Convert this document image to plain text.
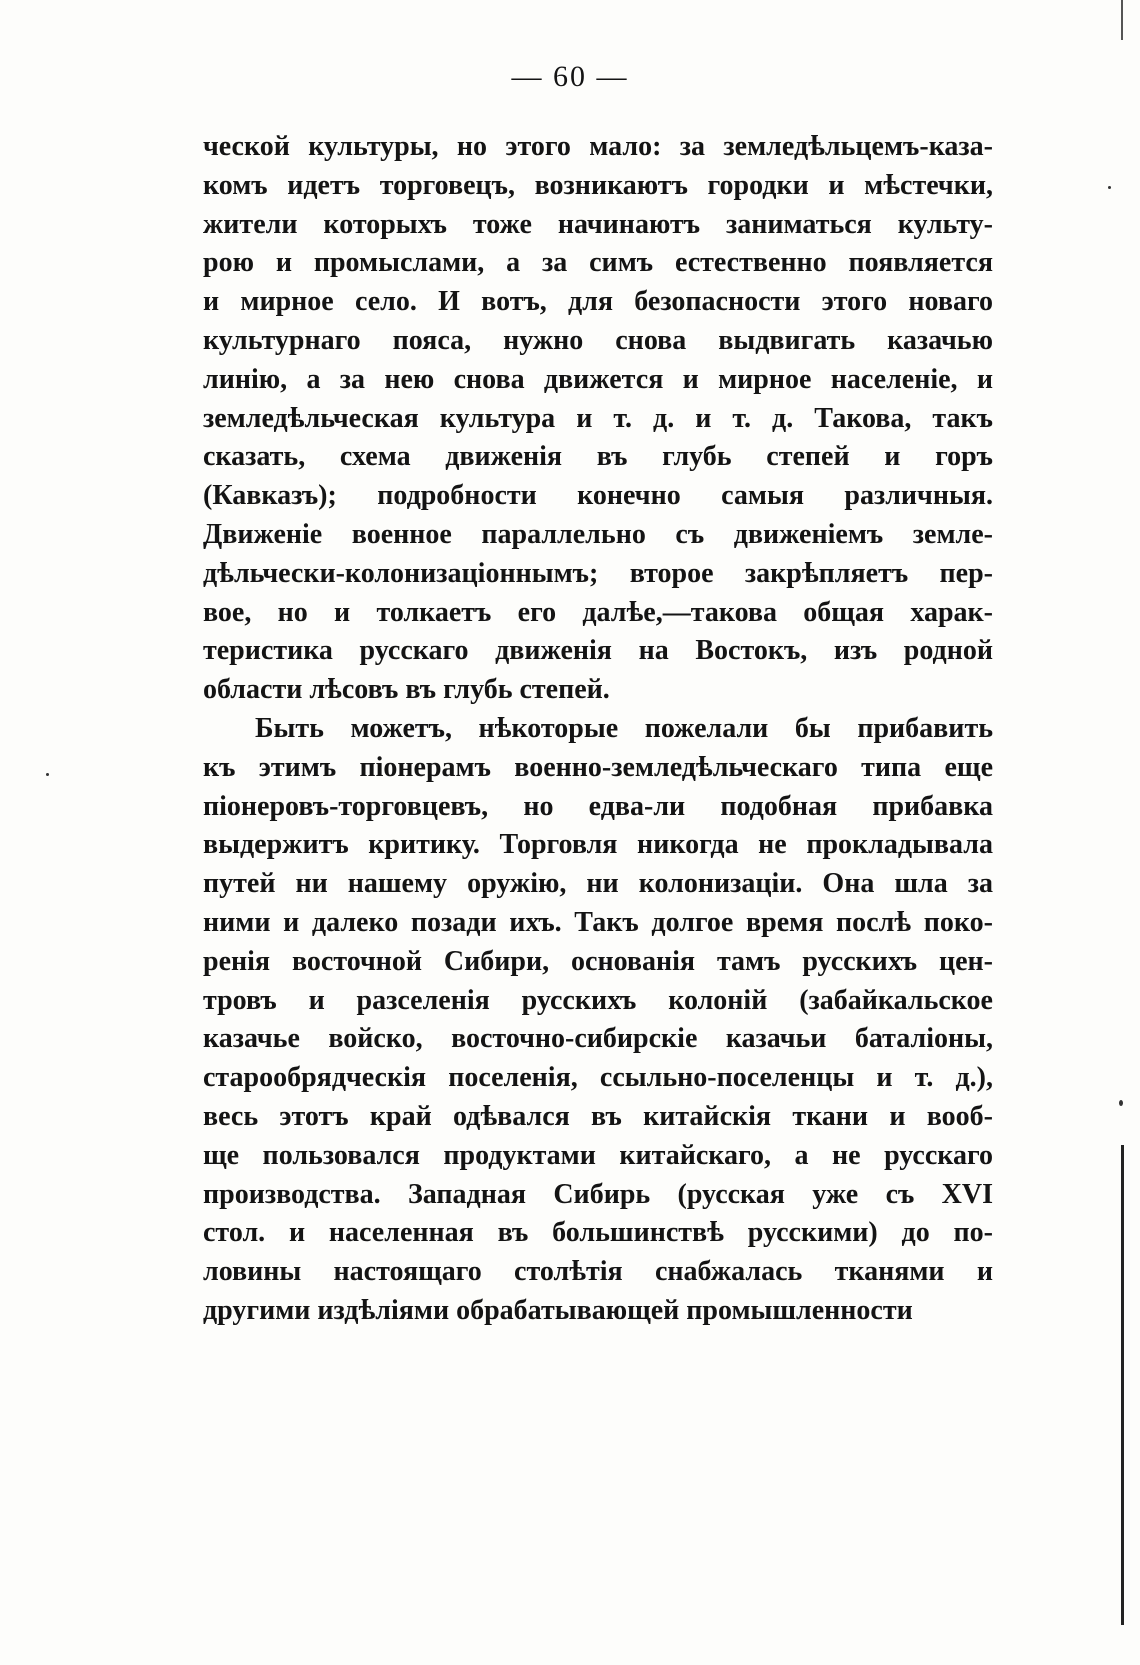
— 60 —
ческой культуры, но этого мало: за земледѣльцемъ-каза-
комъ идетъ торговецъ, возникаютъ городки и мѣстечки,
жители которыхъ тоже начинаютъ заниматься культу-
рою и промыслами, а за симъ естественно появляется
и мирное село. И вотъ, для безопасности этого новаго
культурнаго пояса, нужно снова выдвигать казачью
линію, а за нею снова движется и мирное населеніе, и
земледѣльческая культура и т. д. и т. д. Такова, такъ
сказать, схема движенія въ глубь степей и горъ
(Кавказъ); подробности конечно самыя различныя.
Движеніе военное параллельно съ движеніемъ земле-
дѣльчески-колонизаціоннымъ; второе закрѣпляетъ пер-
вое, но и толкаетъ его далѣе,—такова общая харак-
теристика русскаго движенія на Востокъ, изъ родной
области лѣсовъ въ глубь степей.
Быть можетъ, нѣкоторые пожелали бы прибавить
къ этимъ піонерамъ военно-земледѣльческаго типа еще
піонеровъ-торговцевъ, но едва-ли подобная прибавка
выдержитъ критику. Торговля никогда не прокладывала
путей ни нашему оружію, ни колонизаціи. Она шла за
ними и далеко позади ихъ. Такъ долгое время послѣ поко-
ренія восточной Сибири, основанія тамъ русскихъ цен-
тровъ и разселенія русскихъ колоній (забайкальское
казачье войско, восточно-сибирскіе казачьи баталіоны,
старообрядческія поселенія, ссыльно-поселенцы и т. д.),
весь этотъ край одѣвался въ китайскія ткани и вооб-
ще пользовался продуктами китайскаго, а не русскаго
производства. Западная Сибирь (русская уже съ XVI
стол. и населенная въ большинствѣ русскими) до по-
ловины настоящаго столѣтія снабжалась тканями и
другими издѣліями обрабатывающей промышленности
